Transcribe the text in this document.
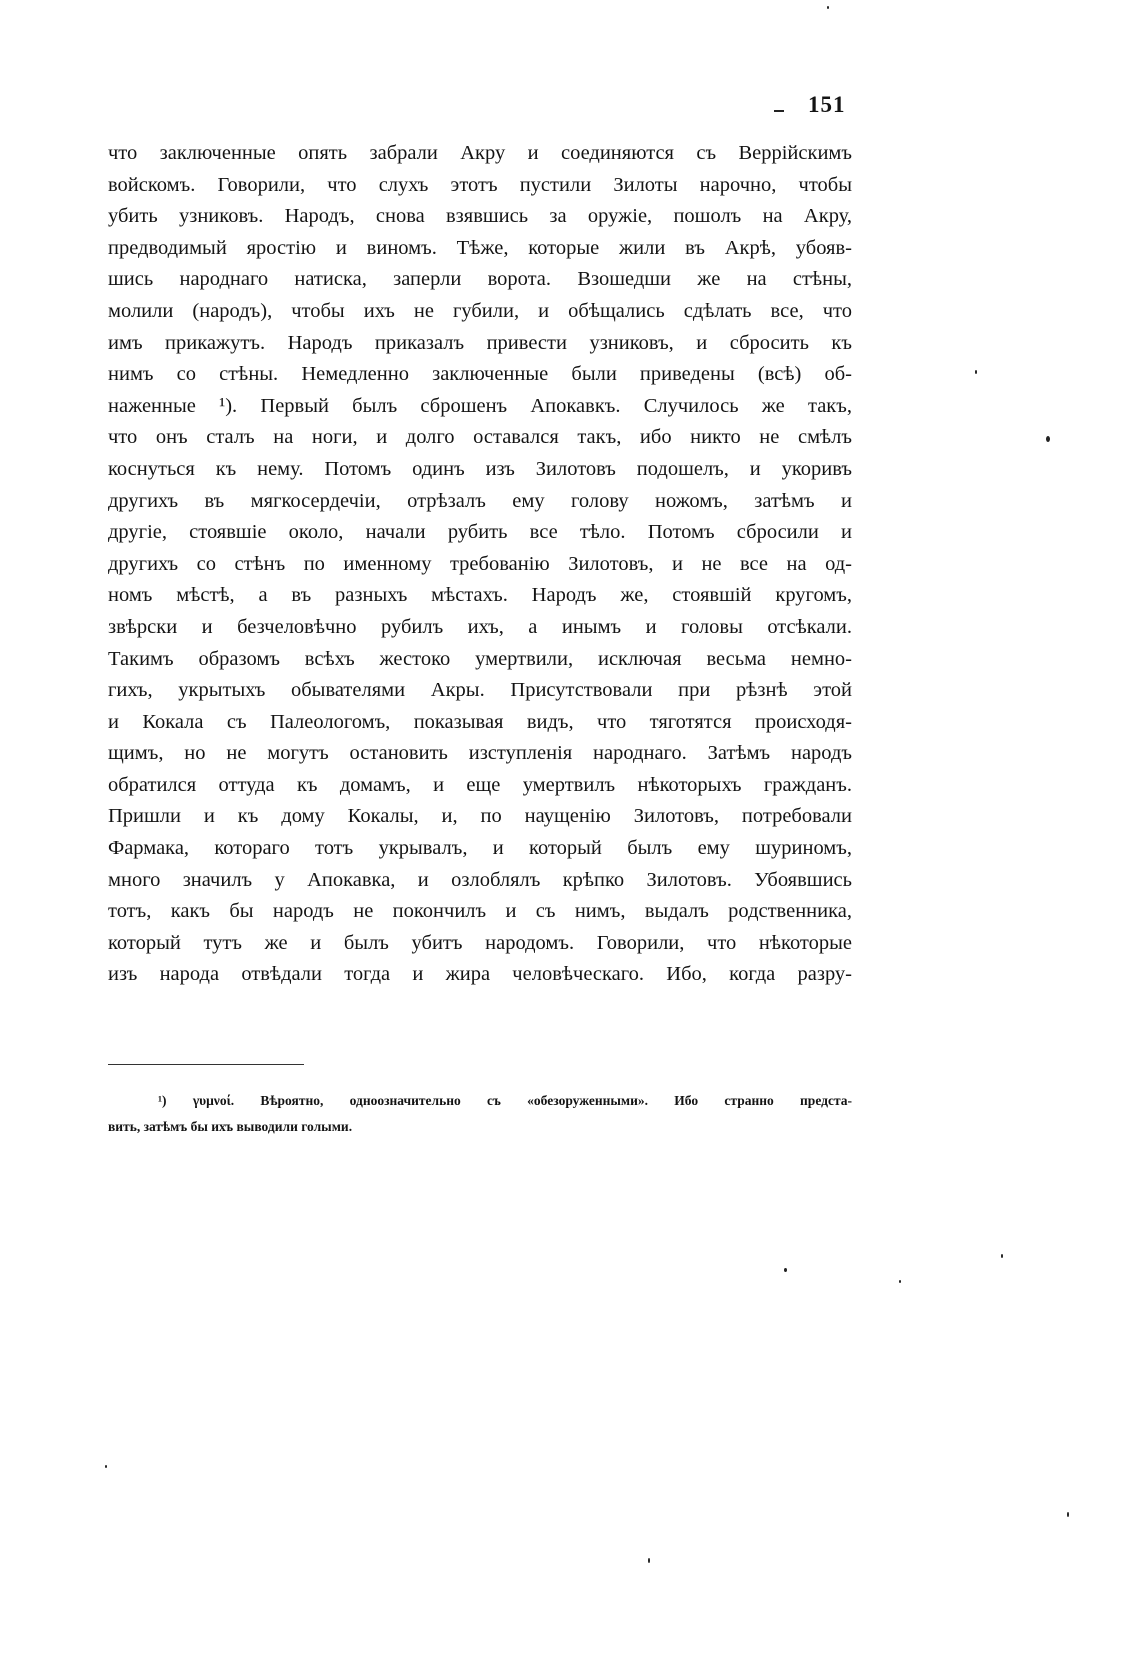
151
что заключенные опять забрали Акру и соединяются съ Веррійскимъ
войскомъ. Говорили, что слухъ этотъ пустили Зилоты нарочно, чтобы
убить узниковъ. Народъ, снова взявшись за оружіе, пошолъ на Акру,
предводимый яростію и виномъ. Тѣже, которые жили въ Акрѣ, убояв-
шись народнаго натиска, заперли ворота. Взошедши же на стѣны,
молили (народъ), чтобы ихъ не губили, и обѣщались сдѣлать все, что
имъ прикажутъ. Народъ приказалъ привести узниковъ, и сбросить къ
нимъ со стѣны. Немедленно заключенные были приведены (всѣ) об-
наженные ¹). Первый былъ сброшенъ Апокавкъ. Случилось же такъ,
что онъ сталъ на ноги, и долго оставался такъ, ибо никто не смѣлъ
коснуться къ нему. Потомъ одинъ изъ Зилотовъ подошелъ, и укоривъ
другихъ въ мягкосердечіи, отрѣзалъ ему голову ножомъ, затѣмъ и
другіе, стоявшіе около, начали рубить все тѣло. Потомъ сбросили и
другихъ со стѣнъ по именному требованію Зилотовъ, и не все на од-
номъ мѣстѣ, а въ разныхъ мѣстахъ. Народъ же, стоявшій кругомъ,
звѣрски и безчеловѣчно рубилъ ихъ, а инымъ и головы отсѣкали.
Такимъ образомъ всѣхъ жестоко умертвили, исключая весьма немно-
гихъ, укрытыхъ обывателями Акры. Присутствовали при рѣзнѣ этой
и Кокала съ Палеологомъ, показывая видъ, что тяготятся происходя-
щимъ, но не могутъ остановить изступленія народнаго. Затѣмъ народъ
обратился оттуда къ домамъ, и еще умертвилъ нѣкоторыхъ гражданъ.
Пришли и къ дому Кокалы, и, по наущенію Зилотовъ, потребовали
Фармака, котораго тотъ укрывалъ, и который былъ ему шуриномъ,
много значилъ у Апокавка, и озлоблялъ крѣпко Зилотовъ. Убоявшись
тотъ, какъ бы народъ не покончилъ и съ нимъ, выдалъ родственника,
который тутъ же и былъ убитъ народомъ. Говорили, что нѣкоторые
изъ народа отвѣдали тогда и жира человѣческаго. Ибо, когда разру-
¹) γυμνοί. Вѣроятно, одноозначительно съ «обезоруженными». Ибо странно предста-
вить, затѣмъ бы ихъ выводили голыми.
